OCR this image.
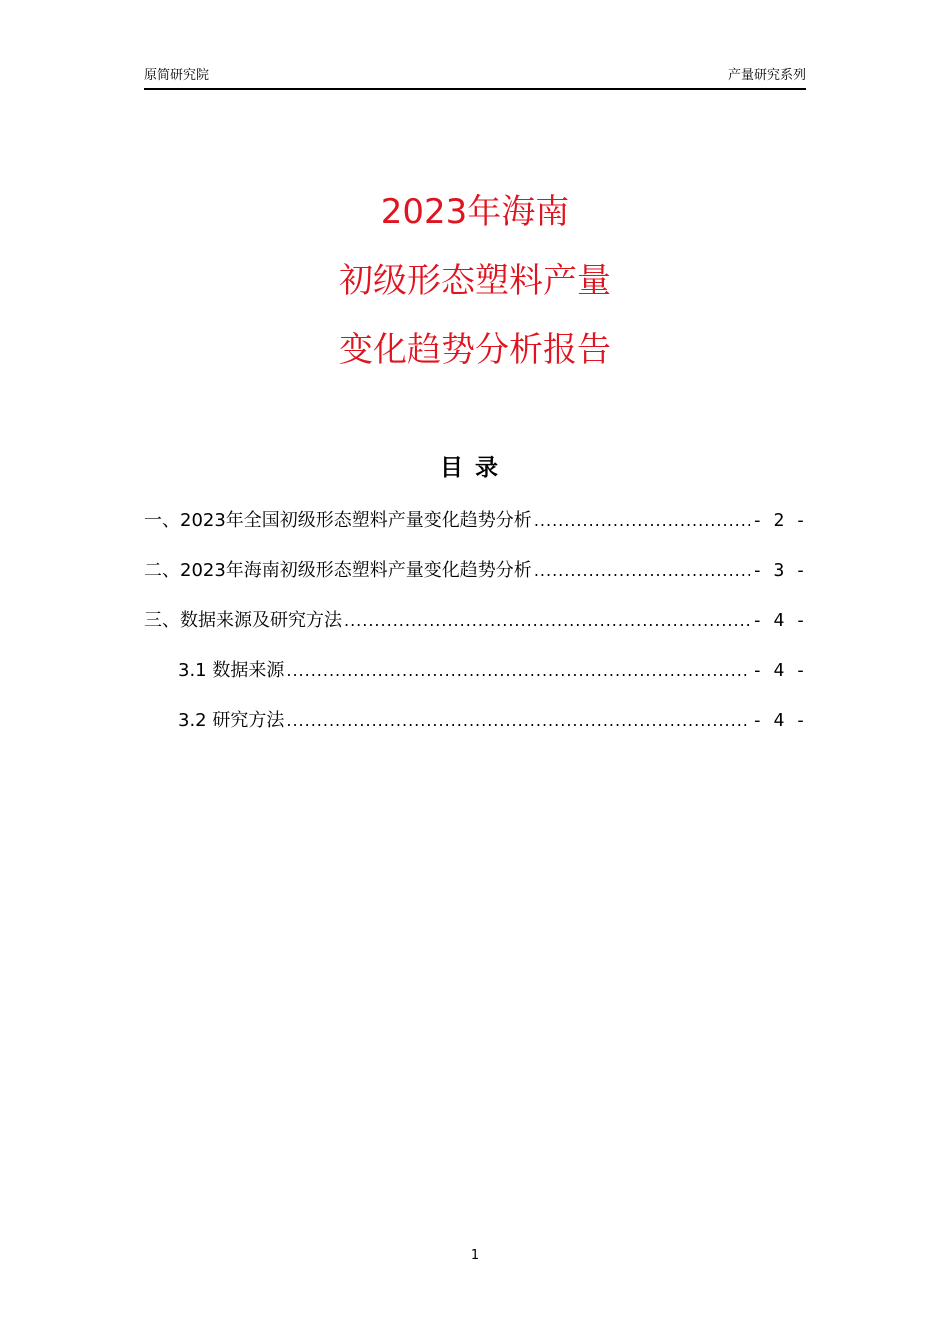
原简研究院	产量研究系列
2023年海南
初级形态塑料产量
变化趋势分析报告
目录
一、2023年全国初级形态塑料产量变化趋势分析 .....	- 2 -
二、2023年海南初级形态塑料产量变化趋势分析 .....	- 3 -
三、数据来源及研究方法 .....	- 4 -
3.1 数据来源 .....	- 4 -
3.2 研究方法 .....	- 4 -
1
